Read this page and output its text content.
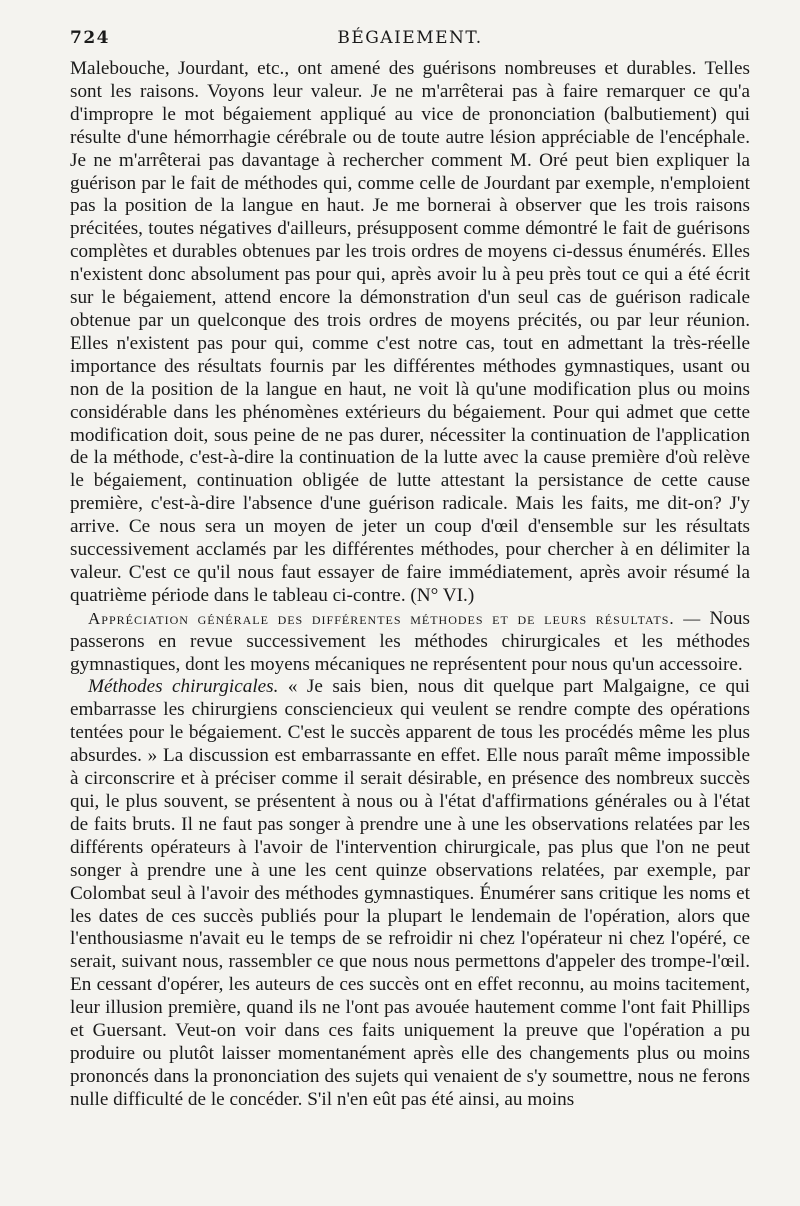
724	BÉGAIEMENT.

Malebouche, Jourdant, etc., ont amené des guérisons nombreuses et durables. Telles sont les raisons. Voyons leur valeur. Je ne m'arrêterai pas à faire remarquer ce qu'a d'impropre le mot bégaiement appliqué au vice de prononciation (balbutiement) qui résulte d'une hémorrhagie cérébrale ou de toute autre lésion appréciable de l'encéphale. Je ne m'arrêterai pas davantage à rechercher comment M. Oré peut bien expliquer la guérison par le fait de méthodes qui, comme celle de Jourdant par exemple, n'emploient pas la position de la langue en haut. Je me bornerai à observer que les trois raisons précitées, toutes négatives d'ailleurs, présupposent comme démontré le fait de guérisons complètes et durables obtenues par les trois ordres de moyens ci-dessus énumérés. Elles n'existent donc absolument pas pour qui, après avoir lu à peu près tout ce qui a été écrit sur le bégaiement, attend encore la démonstration d'un seul cas de guérison radicale obtenue par un quelconque des trois ordres de moyens précités, ou par leur réunion. Elles n'existent pas pour qui, comme c'est notre cas, tout en admettant la très-réelle importance des résultats fournis par les différentes méthodes gymnastiques, usant ou non de la position de la langue en haut, ne voit là qu'une modification plus ou moins considérable dans les phénomènes extérieurs du bégaiement. Pour qui admet que cette modification doit, sous peine de ne pas durer, nécessiter la continuation de l'application de la méthode, c'est-à-dire la continuation de la lutte avec la cause première d'où relève le bégaiement, continuation obligée de lutte attestant la persistance de cette cause première, c'est-à-dire l'absence d'une guérison radicale. Mais les faits, me dit-on? J'y arrive. Ce nous sera un moyen de jeter un coup d'œil d'ensemble sur les résultats successivement acclamés par les différentes méthodes, pour chercher à en délimiter la valeur. C'est ce qu'il nous faut essayer de faire immédiatement, après avoir résumé la quatrième période dans le tableau ci-contre. (N° VI.)

Appréciation générale des différentes méthodes et de leurs résultats. — Nous passerons en revue successivement les méthodes chirurgicales et les méthodes gymnastiques, dont les moyens mécaniques ne représentent pour nous qu'un accessoire.

Méthodes chirurgicales. « Je sais bien, nous dit quelque part Malgaigne, ce qui embarrasse les chirurgiens consciencieux qui veulent se rendre compte des opérations tentées pour le bégaiement. C'est le succès apparent de tous les procédés même les plus absurdes. » La discussion est embarrassante en effet. Elle nous paraît même impossible à circonscrire et à préciser comme il serait désirable, en présence des nombreux succès qui, le plus souvent, se présentent à nous ou à l'état d'affirmations générales ou à l'état de faits bruts. Il ne faut pas songer à prendre une à une les observations relatées par les différents opérateurs à l'avoir de l'intervention chirurgicale, pas plus que l'on ne peut songer à prendre une à une les cent quinze observations relatées, par exemple, par Colombat seul à l'avoir des méthodes gymnastiques. Énumérer sans critique les noms et les dates de ces succès publiés pour la plupart le lendemain de l'opération, alors que l'enthousiasme n'avait eu le temps de se refroidir ni chez l'opérateur ni chez l'opéré, ce serait, suivant nous, rassembler ce que nous nous permettons d'appeler des trompe-l'œil. En cessant d'opérer, les auteurs de ces succès ont en effet reconnu, au moins tacitement, leur illusion première, quand ils ne l'ont pas avouée hautement comme l'ont fait Phillips et Guersant. Veut-on voir dans ces faits uniquement la preuve que l'opération a pu produire ou plutôt laisser momentanément après elle des changements plus ou moins prononcés dans la prononciation des sujets qui venaient de s'y soumettre, nous ne ferons nulle difficulté de le concéder. S'il n'en eût pas été ainsi, au moins
